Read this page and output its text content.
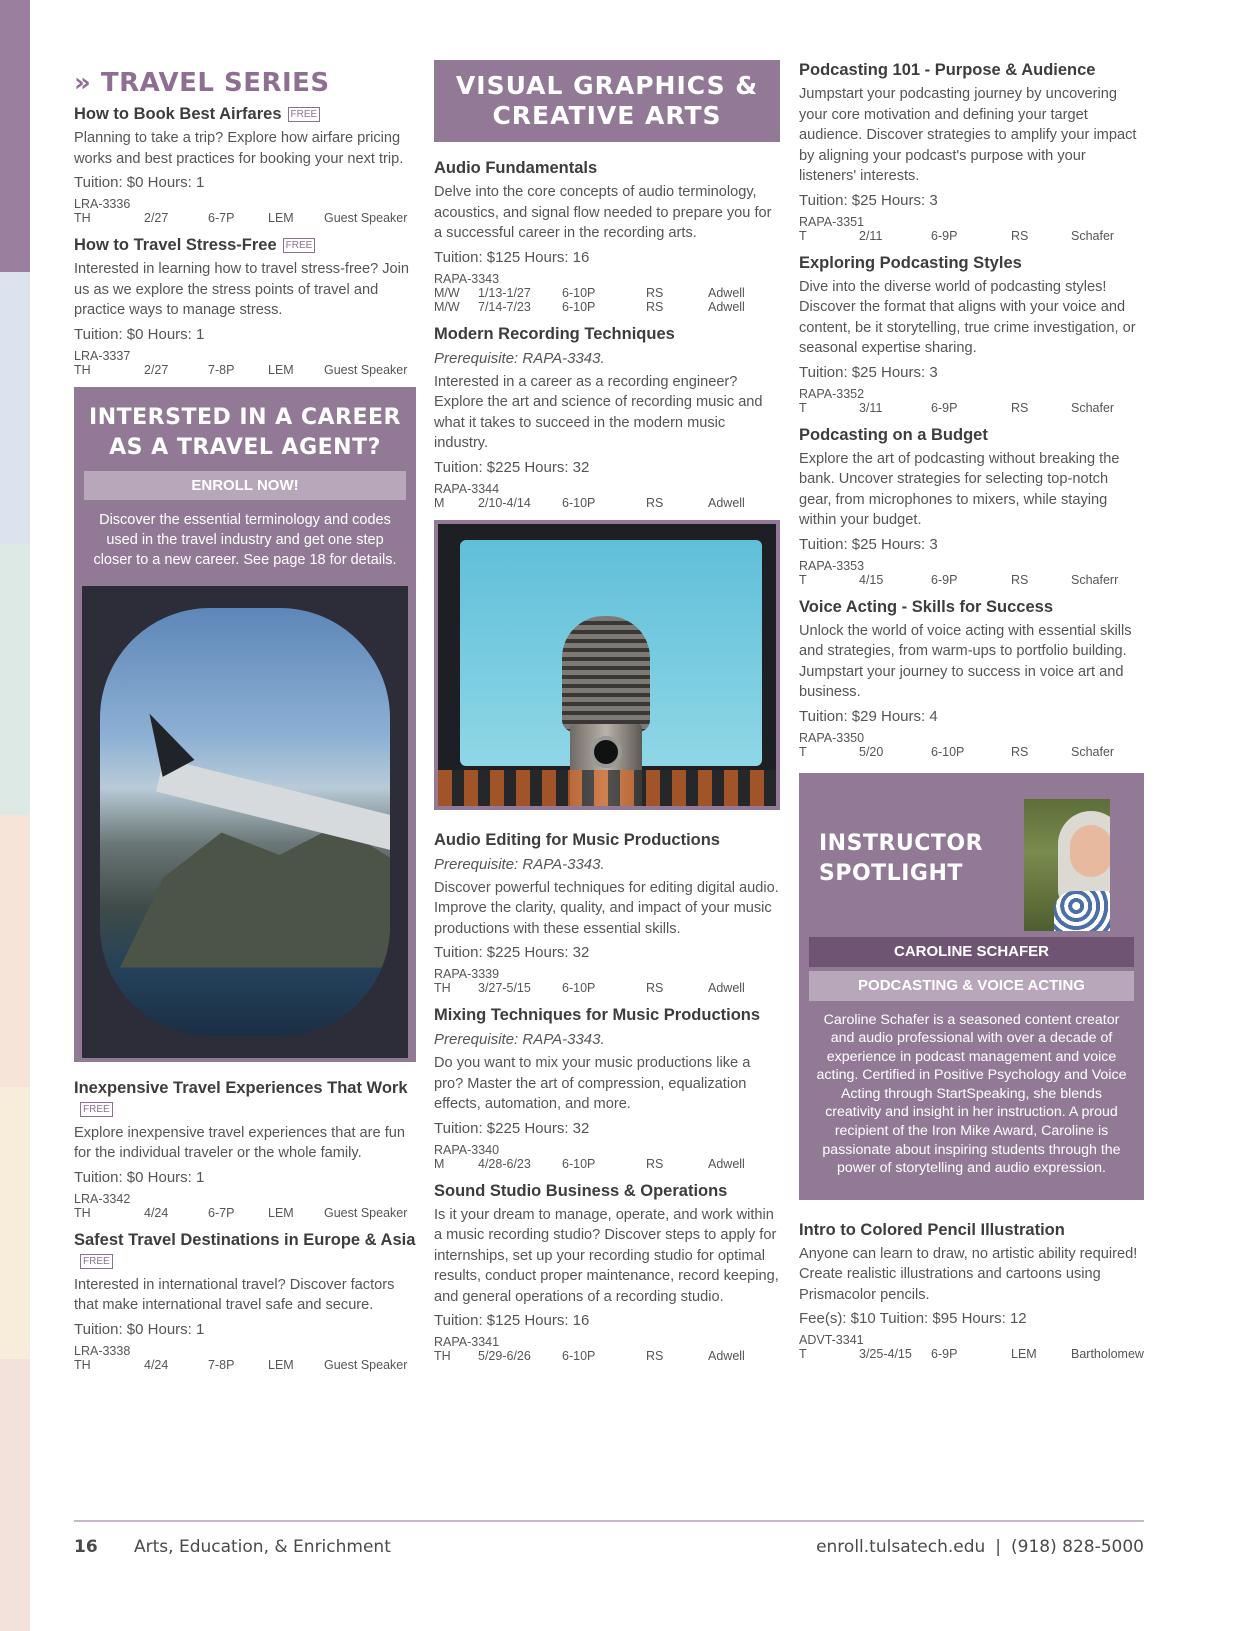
» TRAVEL SERIES
How to Book Best Airfares FREE
Planning to take a trip? Explore how airfare pricing works and best practices for booking your next trip.
Tuition: $0 Hours: 1
LRA-3336
TH	2/27	6-7P	LEM	Guest Speaker
How to Travel Stress-Free FREE
Interested in learning how to travel stress-free? Join us as we explore the stress points of travel and practice ways to manage stress.
Tuition: $0 Hours: 1
LRA-3337
TH	2/27	7-8P	LEM	Guest Speaker
INTERSTED IN A CAREER AS A TRAVEL AGENT?
ENROLL NOW!
Discover the essential terminology and codes used in the travel industry and get one step closer to a new career. See page 18 for details.
Inexpensive Travel Experiences That WorkFREE
Explore inexpensive travel experiences that are fun for the individual traveler or the whole family.
Tuition: $0 Hours: 1
LRA-3342
TH	4/24	6-7P	LEM	Guest Speaker
Safest Travel Destinations in Europe & AsiaFREE
Interested in international travel? Discover factors that make international travel safe and secure.
Tuition: $0 Hours: 1
LRA-3338
TH	4/24	7-8P	LEM	Guest Speaker
VISUAL GRAPHICS & CREATIVE ARTS
Audio Fundamentals
Delve into the core concepts of audio terminology, acoustics, and signal flow needed to prepare you for a successful career in the recording arts.
Tuition: $125 Hours: 16
RAPA-3343
M/W	1/13-1/27	6-10P	RS	Adwell
M/W	7/14-7/23	6-10P	RS	Adwell
Modern Recording Techniques
Prerequisite: RAPA-3343.
Interested in a career as a recording engineer? Explore the art and science of recording music and what it takes to succeed in the modern music industry.
Tuition: $225 Hours: 32
RAPA-3344
M	2/10-4/14	6-10P	RS	Adwell
Audio Editing for Music Productions
Prerequisite: RAPA-3343.
Discover powerful techniques for editing digital audio. Improve the clarity, quality, and impact of your music productions with these essential skills.
Tuition: $225 Hours: 32
RAPA-3339
TH	3/27-5/15	6-10P	RS	Adwell
Mixing Techniques for Music Productions
Prerequisite: RAPA-3343.
Do you want to mix your music productions like a pro? Master the art of compression, equalization effects, automation, and more.
Tuition: $225 Hours: 32
RAPA-3340
M	4/28-6/23	6-10P	RS	Adwell
Sound Studio Business & Operations
Is it your dream to manage, operate, and work within a music recording studio? Discover steps to apply for internships, set up your recording studio for optimal results, conduct proper maintenance, record keeping, and general operations of a recording studio.
Tuition: $125 Hours: 16
RAPA-3341
TH	5/29-6/26	6-10P	RS	Adwell
Podcasting 101 - Purpose & Audience
Jumpstart your podcasting journey by uncovering your core motivation and defining your target audience. Discover strategies to amplify your impact by aligning your podcast's purpose with your listeners' interests.
Tuition: $25 Hours: 3
RAPA-3351
T	2/11	6-9P	RS	Schafer
Exploring Podcasting Styles
Dive into the diverse world of podcasting styles! Discover the format that aligns with your voice and content, be it storytelling, true crime investigation, or seasonal expertise sharing.
Tuition: $25 Hours: 3
RAPA-3352
T	3/11	6-9P	RS	Schafer
Podcasting on a Budget
Explore the art of podcasting without breaking the bank. Uncover strategies for selecting top-notch gear, from microphones to mixers, while staying within your budget.
Tuition: $25 Hours: 3
RAPA-3353
T	4/15	6-9P	RS	Schaferr
Voice Acting - Skills for Success
Unlock the world of voice acting with essential skills and strategies, from warm-ups to portfolio building. Jumpstart your journey to success in voice art and business.
Tuition: $29 Hours: 4
RAPA-3350
T	5/20	6-10P	RS	Schafer
INSTRUCTOR SPOTLIGHT
CAROLINE SCHAFER
PODCASTING & VOICE ACTING
Caroline Schafer is a seasoned content creator and audio professional with over a decade of experience in podcast management and voice acting. Certified in Positive Psychology and Voice Acting through StartSpeaking, she blends creativity and insight in her instruction. A proud recipient of the Iron Mike Award, Caroline is passionate about inspiring students through the power of storytelling and audio expression.
Intro to Colored Pencil Illustration
Anyone can learn to draw, no artistic ability required! Create realistic illustrations and cartoons using Prismacolor pencils.
Fee(s): $10 Tuition: $95 Hours: 12
ADVT-3341
T	3/25-4/15	6-9P	LEM	Bartholomew
16 Arts, Education, & Enrichment	enroll.tulsatech.edu | (918) 828-5000
